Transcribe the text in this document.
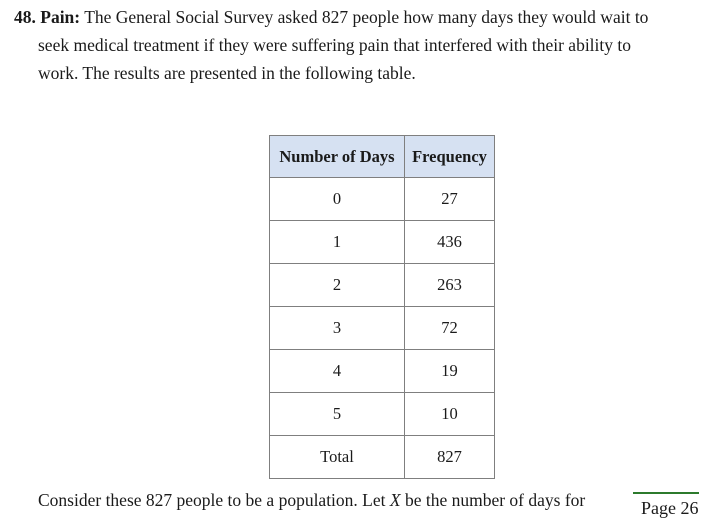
48. Pain: The General Social Survey asked 827 people how many days they would wait to
seek medical treatment if they were suffering pain that interfered with their ability to
work. The results are presented in the following table.

Number of Days	Frequency
0	27
1	436
2	263
3	72
4	19
5	10
Total	827
Consider these 827 people to be a population. Let X be the number of days for	Page 26
